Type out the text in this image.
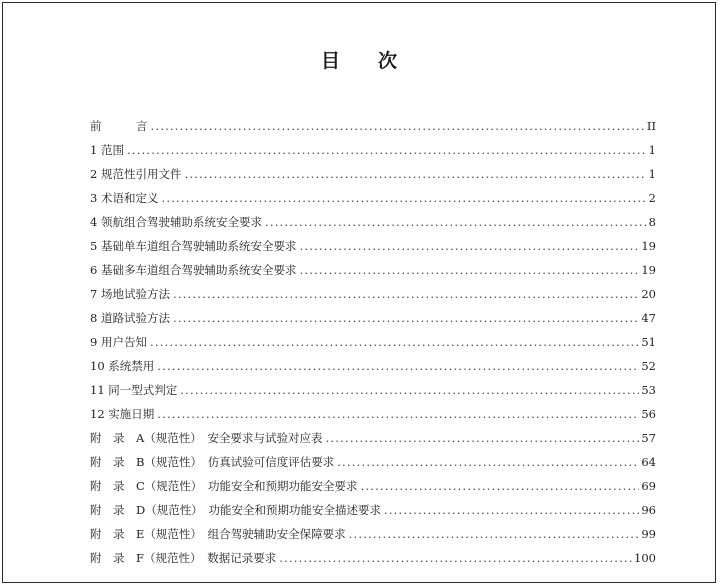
目　　次
前　　　言 .....	II
1 范围 .....	1
2 规范性引用文件 .....	1
3 术语和定义 .....	2
4 领航组合驾驶辅助系统安全要求 .....	8
5 基础单车道组合驾驶辅助系统安全要求 .....	19
6 基础多车道组合驾驶辅助系统安全要求 .....	19
7 场地试验方法 .....	20
8 道路试验方法 .....	47
9 用户告知 .....	51
10 系统禁用 .....	52
11 同一型式判定 .....	53
12 实施日期 .....	56
附　录　A（规范性）　安全要求与试验对应表 .....	57
附　录　B（规范性）　仿真试验可信度评估要求 .....	64
附　录　C（规范性）　功能安全和预期功能安全要求 .....	69
附　录　D（规范性）　功能安全和预期功能安全描述要求 .....	96
附　录　E（规范性）　组合驾驶辅助安全保障要求 .....	99
附　录　F（规范性）　数据记录要求 .....	100
